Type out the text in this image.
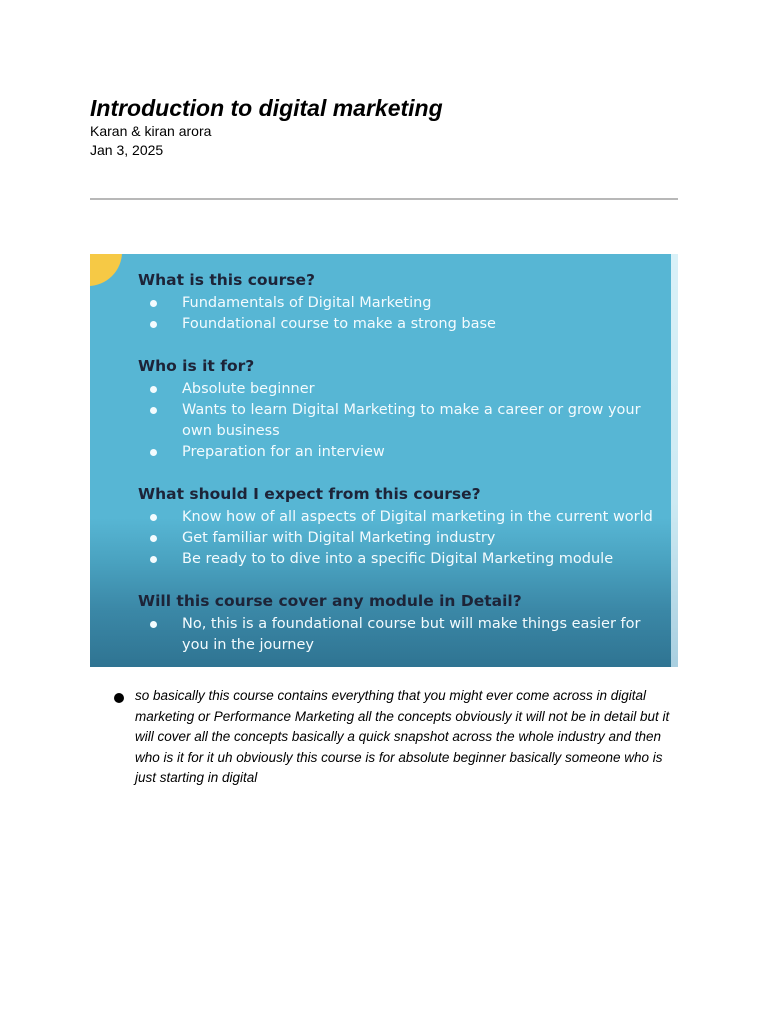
Introduction to digital marketing
Karan & kiran arora
Jan 3, 2025
What is this course?
Fundamentals of Digital Marketing
Foundational course to make a strong base
Who is it for?
Absolute beginner
Wants to learn Digital Marketing to make a career or grow your own business
Preparation for an interview
What should I expect from this course?
Know how of all aspects of Digital marketing in the current world
Get familiar with Digital Marketing industry
Be ready to to dive into a specific Digital Marketing module
Will this course cover any module in Detail?
No, this is a foundational course but will make things easier for you in the journey
so basically this course contains everything that you might ever come across in digital marketing or Performance Marketing all the concepts obviously it will not be in detail but it will cover all the concepts basically a quick snapshot across the whole industry and then who is it for it uh obviously this course is for absolute beginner basically someone who is just starting in digital
